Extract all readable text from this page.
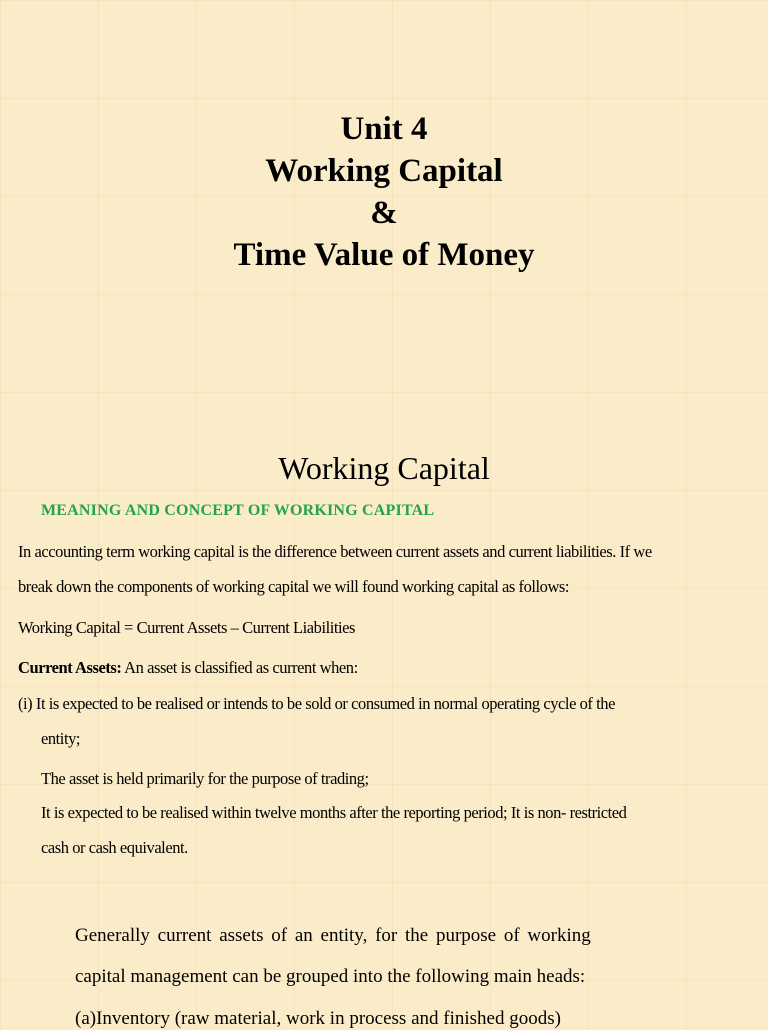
Unit 4
Working Capital
&
Time Value of Money
Working Capital
MEANING AND CONCEPT OF WORKING CAPITAL
In accounting term working capital is the difference between current assets and current liabilities. If we
break down the components of working capital we will found working capital as follows:
Working Capital = Current Assets – Current Liabilities
Current Assets: An asset is classified as current when:
(i) It is expected to be realised or intends to be sold or consumed in normal operating cycle of the
entity;
The asset is held primarily for the purpose of trading;
It is expected to be realised within twelve months after the reporting period; It is non- restricted
cash or cash equivalent.
Generally current assets of an entity, for the purpose of working
capital management can be grouped into the following main heads:
(a)Inventory (raw material, work in process and finished goods)
